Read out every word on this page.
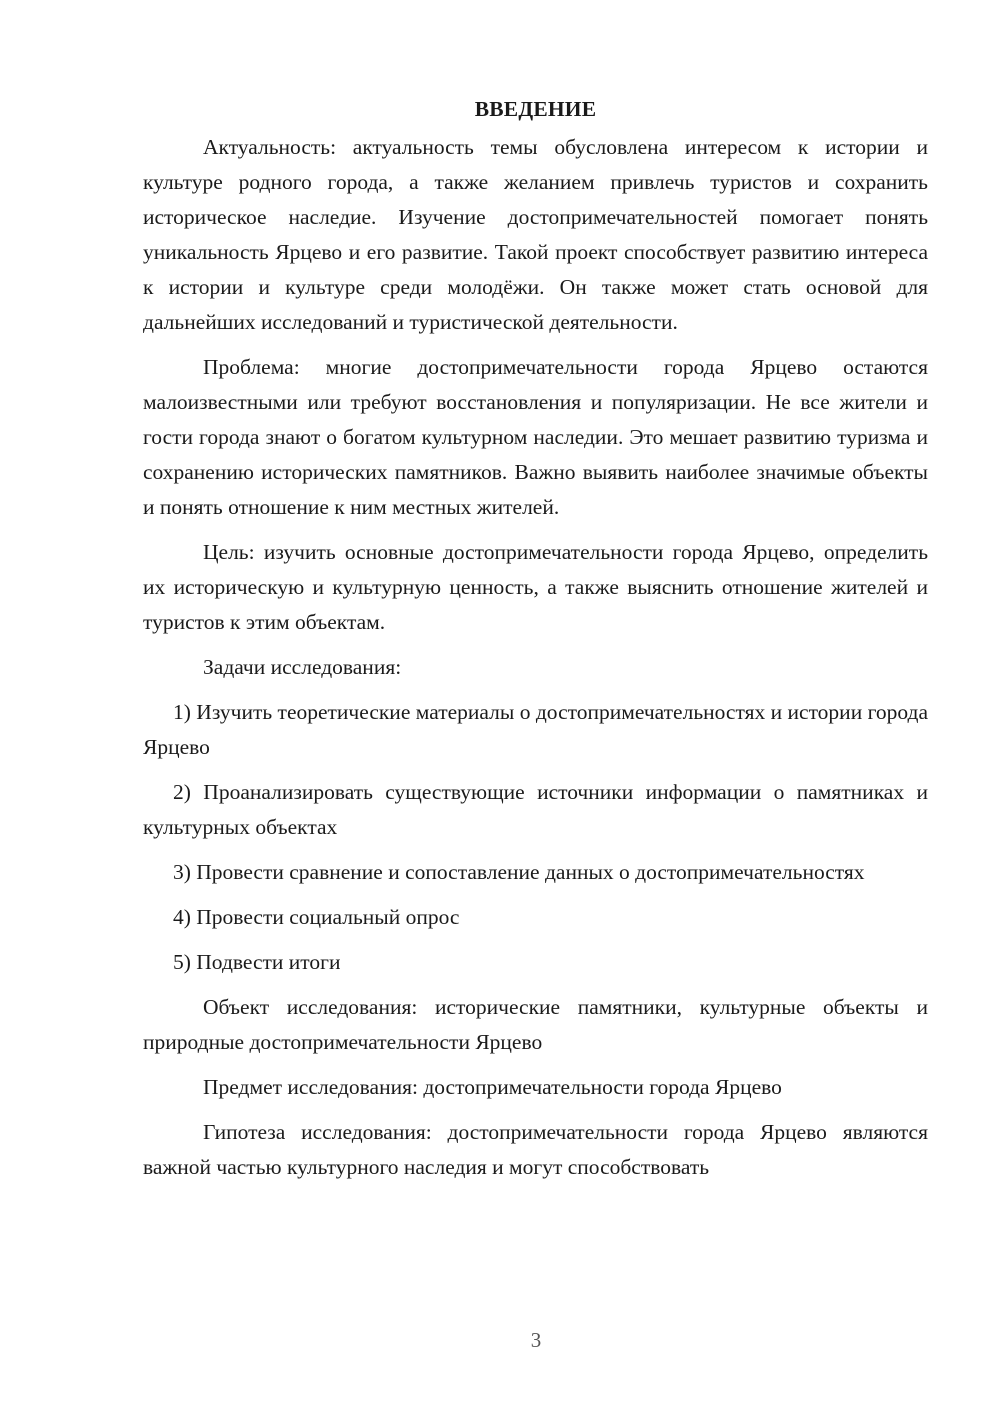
ВВЕДЕНИЕ

Актуальность: актуальность темы обусловлена интересом к истории и культуре родного города, а также желанием привлечь туристов и сохранить историческое наследие. Изучение достопримечательностей помогает понять уникальность Ярцево и его развитие. Такой проект способствует развитию интереса к истории и культуре среди молодёжи. Он также может стать основой для дальнейших исследований и туристической деятельности.

Проблема: многие достопримечательности города Ярцево остаются малоизвестными или требуют восстановления и популяризации. Не все жители и гости города знают о богатом культурном наследии. Это мешает развитию туризма и сохранению исторических памятников. Важно выявить наиболее значимые объекты и понять отношение к ним местных жителей.

Цель: изучить основные достопримечательности города Ярцево, определить их историческую и культурную ценность, а также выяснить отношение жителей и туристов к этим объектам.

Задачи исследования:

1) Изучить теоретические материалы о достопримечательностях и истории города Ярцево

2) Проанализировать существующие источники информации о памятниках и культурных объектах

3) Провести сравнение и сопоставление данных о достопримечательностях

4) Провести социальный опрос

5) Подвести итоги

Объект исследования: исторические памятники, культурные объекты и природные достопримечательности Ярцево

Предмет исследования: достопримечательности города Ярцево

Гипотеза исследования: достопримечательности города Ярцево являются важной частью культурного наследия и могут способствовать

3
